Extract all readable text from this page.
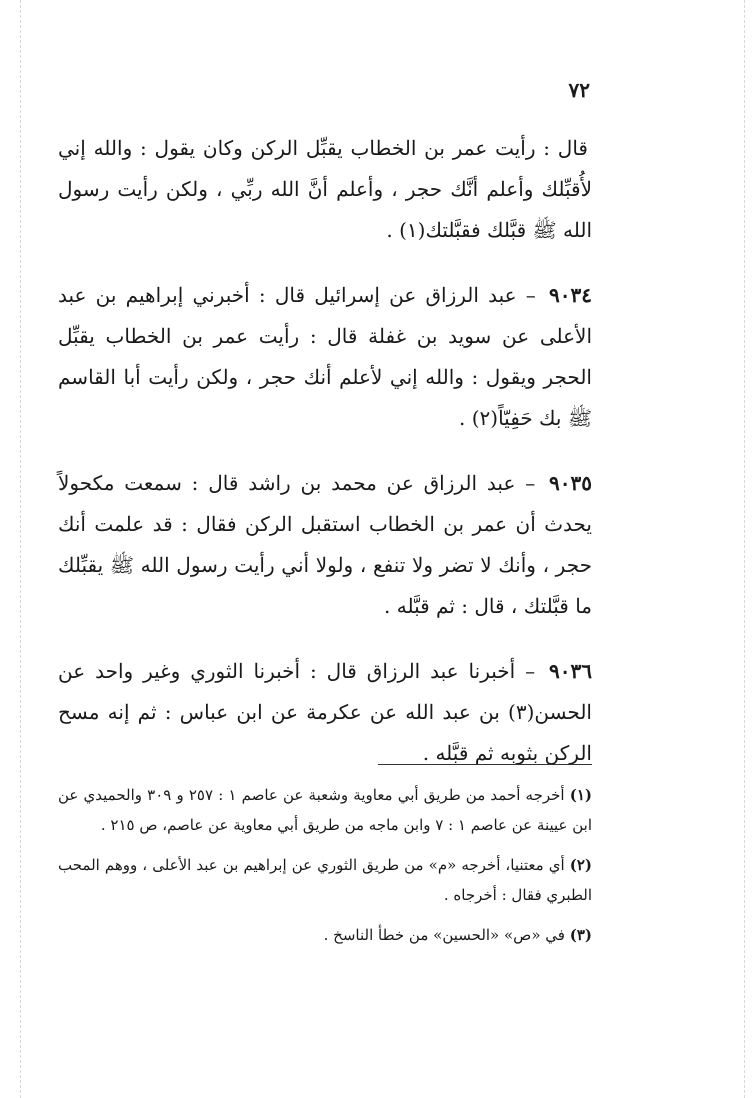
٧٢

قال : رأيت عمر بن الخطاب يقبِّل الركن وكان يقول : والله إني لأُقبِّلك وأعلم أنَّك حجر ، وأعلم أنَّ الله ربِّي ، ولكن رأيت رسول الله ﷺ قبَّلك فقبَّلتك(١) .

٩٠٣٤ – عبد الرزاق عن إسرائيل قال : أخبرني إبراهيم بن عبد الأعلى عن سويد بن غفلة قال : رأيت عمر بن الخطاب يقبِّل الحجر ويقول : والله إني لأعلم أنك حجر ، ولكن رأيت أبا القاسم ﷺ بك حَفِيّاً(٢) .

٩٠٣٥ – عبد الرزاق عن محمد بن راشد قال : سمعت مكحولاً يحدث أن عمر بن الخطاب استقبل الركن فقال : قد علمت أنك حجر ، وأنك لا تضر ولا تنفع ، ولولا أني رأيت رسول الله ﷺ يقبِّلك ما قبَّلتك ، قال : ثم قبَّله .

٩٠٣٦ – أخبرنا عبد الرزاق قال : أخبرنا الثوري وغير واحد عن الحسن(٣) بن عبد الله عن عكرمة عن ابن عباس : ثم إنه مسح الركن بثوبه ثم قبَّله .

(١) أخرجه أحمد من طريق أبي معاوية وشعبة عن عاصم ١ : ٢٥٧ و ٣٠٩ والحميدي عن ابن عيينة عن عاصم ١ : ٧ وابن ماجه من طريق أبي معاوية عن عاصم، ص ٢١٥ .

(٢) أي معتنيا، أخرجه «م» من طريق الثوري عن إبراهيم بن عبد الأعلى ، ووهم المحب الطبري فقال : أخرجاه .

(٣) في «ص» «الحسين» من خطأ الناسخ .
